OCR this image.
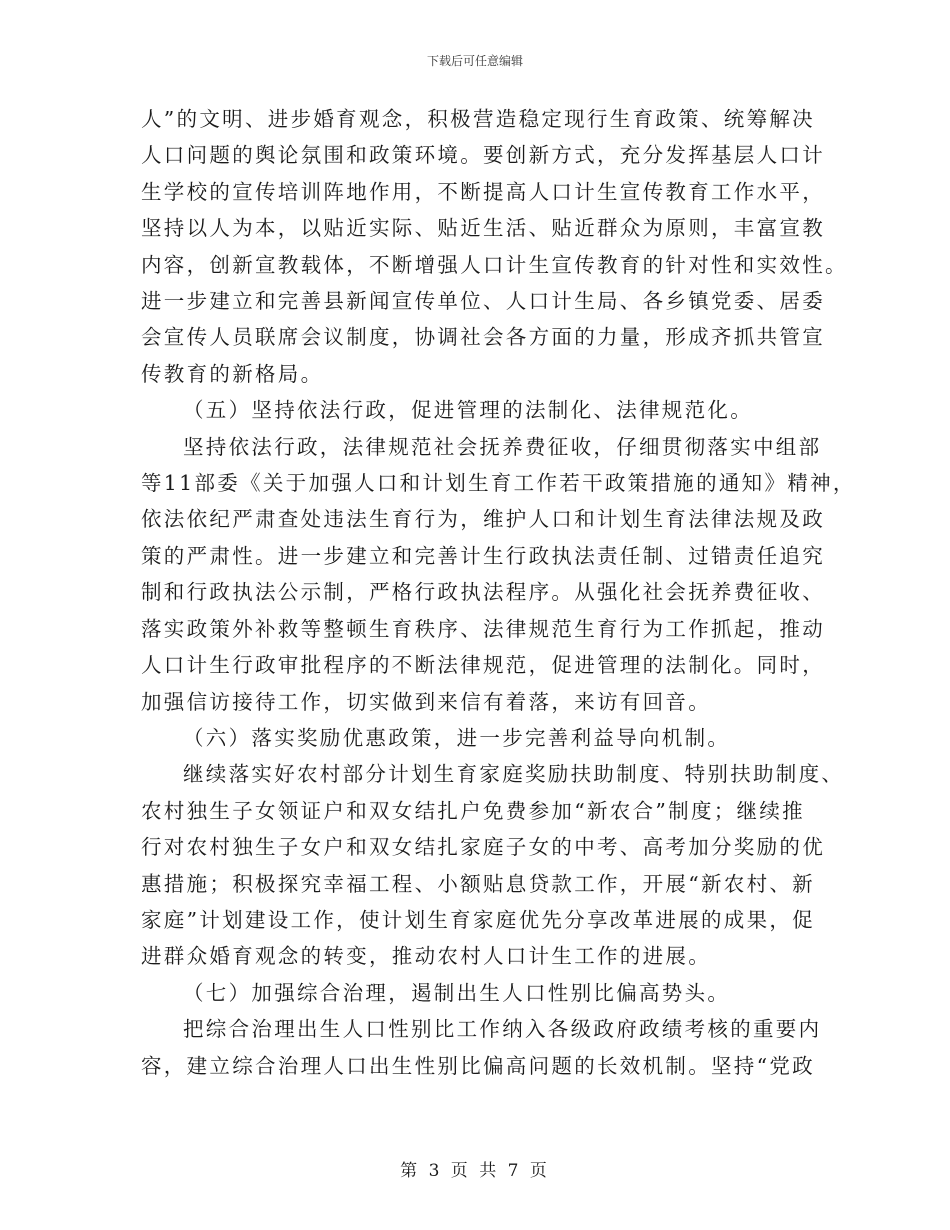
下载后可任意编辑

人”的文明、进步婚育观念，积极营造稳定现行生育政策、统筹解决
人口问题的舆论氛围和政策环境。要创新方式，充分发挥基层人口计
生学校的宣传培训阵地作用，不断提高人口计生宣传教育工作水平，
坚持以人为本，以贴近实际、贴近生活、贴近群众为原则，丰富宣教
内容，创新宣教载体，不断增强人口计生宣传教育的针对性和实效性。
进一步建立和完善县新闻宣传单位、人口计生局、各乡镇党委、居委
会宣传人员联席会议制度，协调社会各方面的力量，形成齐抓共管宣
传教育的新格局。

（五）坚持依法行政，促进管理的法制化、法律规范化。

坚持依法行政，法律规范社会抚养费征收，仔细贯彻落实中组部
等11部委《关于加强人口和计划生育工作若干政策措施的通知》精神，
依法依纪严肃查处违法生育行为，维护人口和计划生育法律法规及政
策的严肃性。进一步建立和完善计生行政执法责任制、过错责任追究
制和行政执法公示制，严格行政执法程序。从强化社会抚养费征收、
落实政策外补救等整顿生育秩序、法律规范生育行为工作抓起，推动
人口计生行政审批程序的不断法律规范，促进管理的法制化。同时，
加强信访接待工作，切实做到来信有着落，来访有回音。

（六）落实奖励优惠政策，进一步完善利益导向机制。

继续落实好农村部分计划生育家庭奖励扶助制度、特别扶助制度、
农村独生子女领证户和双女结扎户免费参加“新农合”制度；继续推
行对农村独生子女户和双女结扎家庭子女的中考、高考加分奖励的优
惠措施；积极探究幸福工程、小额贴息贷款工作，开展“新农村、新
家庭”计划建设工作，使计划生育家庭优先分享改革进展的成果，促
进群众婚育观念的转变，推动农村人口计生工作的进展。

（七）加强综合治理，遏制出生人口性别比偏高势头。

把综合治理出生人口性别比工作纳入各级政府政绩考核的重要内
容，建立综合治理人口出生性别比偏高问题的长效机制。坚持“党政

第 3 页 共 7 页
